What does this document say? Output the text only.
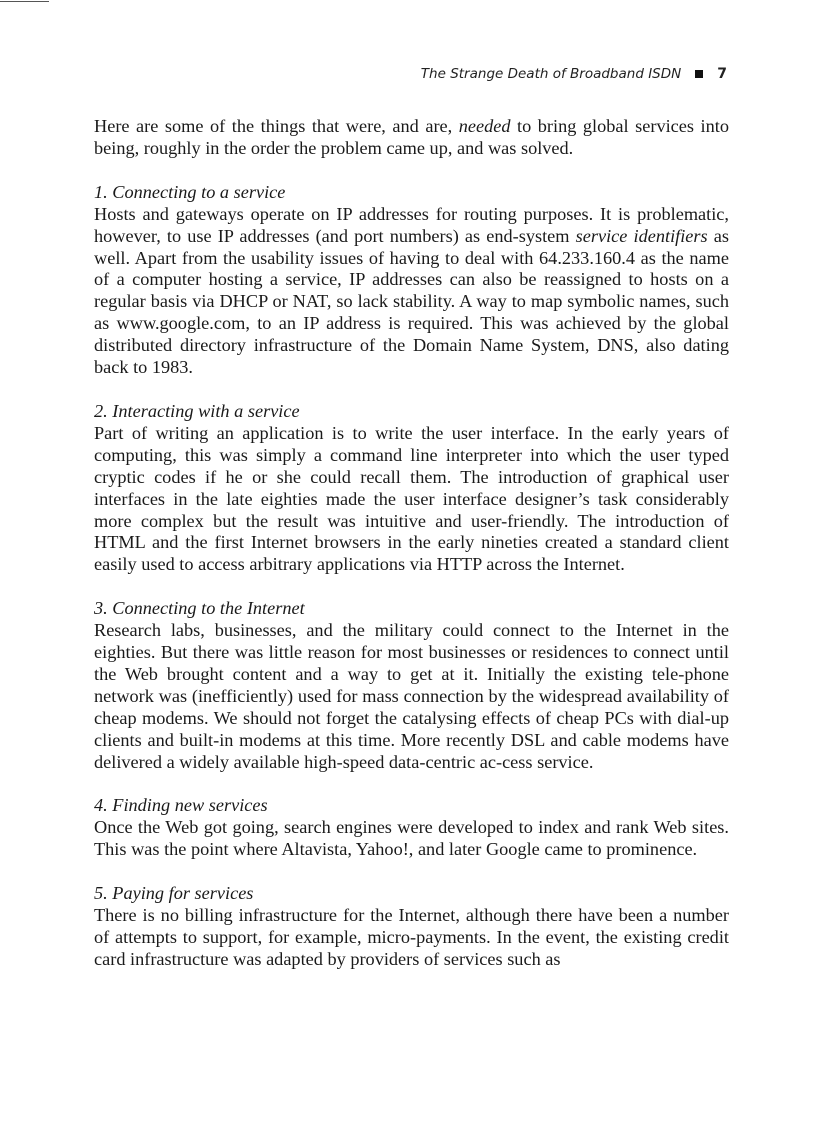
The Strange Death of Broadband ISDN	7

Here are some of the things that were, and are, needed to bring global services into being, roughly in the order the problem came up, and was solved.

1. Connecting to a service

Hosts and gateways operate on IP addresses for routing purposes. It is problematic, however, to use IP addresses (and port numbers) as end-system service identifiers as well. Apart from the usability issues of having to deal with 64.233.160.4 as the name of a computer hosting a service, IP addresses can also be reassigned to hosts on a regular basis via DHCP or NAT, so lack stability. A way to map symbolic names, such as www.google.com, to an IP address is required. This was achieved by the global distributed directory infrastructure of the Domain Name System, DNS, also dating back to 1983.

2. Interacting with a service

Part of writing an application is to write the user interface. In the early years of computing, this was simply a command line interpreter into which the user typed cryptic codes if he or she could recall them. The introduction of graphical user interfaces in the late eighties made the user interface designer’s task considerably more complex but the result was intuitive and user-friendly. The introduction of HTML and the first Internet browsers in the early nineties created a standard client easily used to access arbitrary applications via HTTP across the Internet.

3. Connecting to the Internet

Research labs, businesses, and the military could connect to the Internet in the eighties. But there was little reason for most businesses or residences to connect until the Web brought content and a way to get at it. Initially the existing tele-phone network was (inefficiently) used for mass connection by the widespread availability of cheap modems. We should not forget the catalysing effects of cheap PCs with dial-up clients and built-in modems at this time. More recently DSL and cable modems have delivered a widely available high-speed data-centric ac-cess service.

4. Finding new services

Once the Web got going, search engines were developed to index and rank Web sites. This was the point where Altavista, Yahoo!, and later Google came to prominence.

5. Paying for services

There is no billing infrastructure for the Internet, although there have been a number of attempts to support, for example, micro-payments. In the event, the existing credit card infrastructure was adapted by providers of services such as
